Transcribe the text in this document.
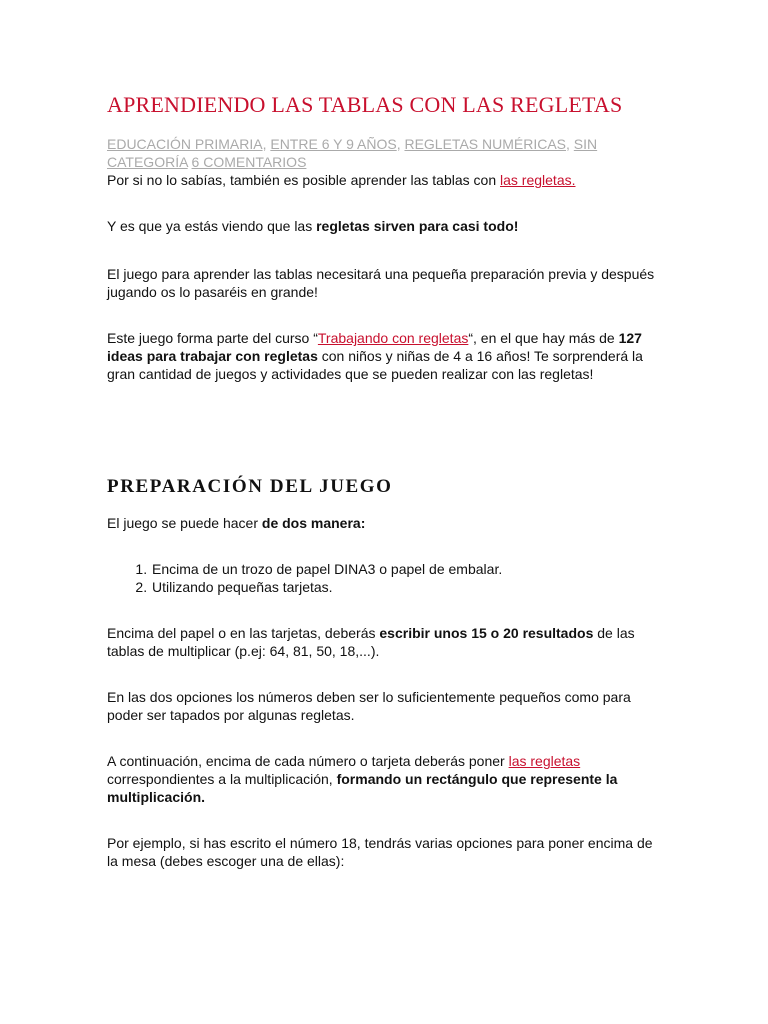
APRENDIENDO LAS TABLAS CON LAS REGLETAS
EDUCACIÓN PRIMARIA, ENTRE 6 Y 9 AÑOS, REGLETAS NUMÉRICAS, SIN CATEGORÍA 6 COMENTARIOS

Por si no lo sabías, también es posible aprender las tablas con las regletas.

Y es que ya estás viendo que las regletas sirven para casi todo!

El juego para aprender las tablas necesitará una pequeña preparación previa y después jugando os lo pasaréis en grande!

Este juego forma parte del curso “Trabajando con regletas“, en el que hay más de 127 ideas para trabajar con regletas con niños y niñas de 4 a 16 años! Te sorprenderá la gran cantidad de juegos y actividades que se pueden realizar con las regletas!

PREPARACIÓN DEL JUEGO

El juego se puede hacer de dos manera:

1. Encima de un trozo de papel DINA3 o papel de embalar.
2. Utilizando pequeñas tarjetas.

Encima del papel o en las tarjetas, deberás escribir unos 15 o 20 resultados de las tablas de multiplicar (p.ej: 64, 81, 50, 18,...).

En las dos opciones los números deben ser lo suficientemente pequeños como para poder ser tapados por algunas regletas.

A continuación, encima de cada número o tarjeta deberás poner las regletas correspondientes a la multiplicación, formando un rectángulo que represente la multiplicación.

Por ejemplo, si has escrito el número 18, tendrás varias opciones para poner encima de la mesa (debes escoger una de ellas):
